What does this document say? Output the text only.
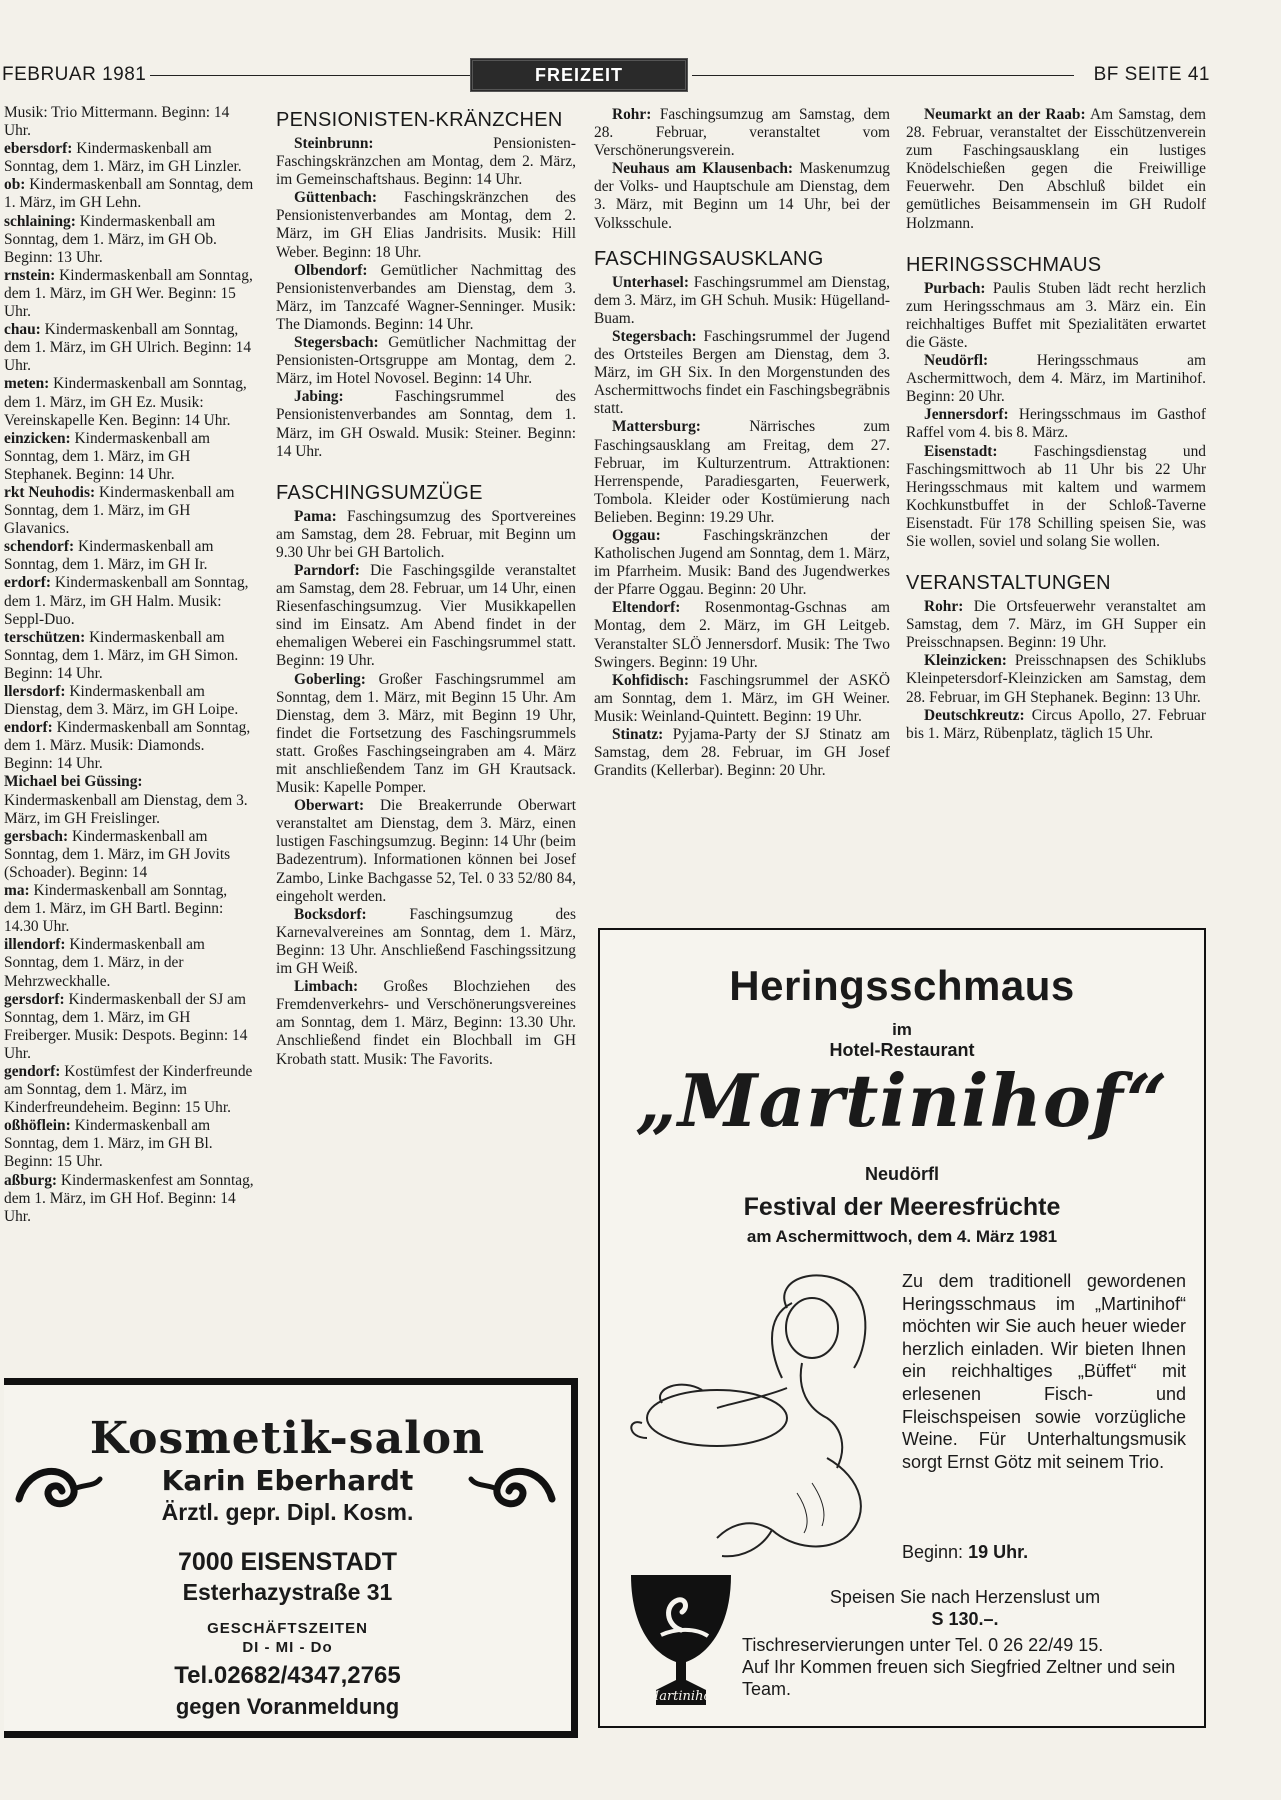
FEBRUAR 1981	FREIZEIT	BF SEITE 41

Musik: Trio Mittermann. Beginn: 14 Uhr.

ebersdorf: Kindermaskenball am Sonntag, dem 1. März, im GH Linzler.

ob: Kindermaskenball am Sonntag, dem 1. März, im GH Lehn.

schlaining: Kindermaskenball am Sonntag, dem 1. März, im GH Ob. Beginn: 13 Uhr.

rnstein: Kindermaskenball am Sonntag, dem 1. März, im GH Wer. Beginn: 15 Uhr.

chau: Kindermaskenball am Sonntag, dem 1. März, im GH Ulrich. Beginn: 14 Uhr.

meten: Kindermaskenball am Sonntag, dem 1. März, im GH Ez. Musik: Vereinskapelle Ken. Beginn: 14 Uhr.

einzicken: Kindermaskenball am Sonntag, dem 1. März, im GH Stephanek. Beginn: 14 Uhr.

rkt Neuhodis: Kindermaskenball am Sonntag, dem 1. März, im GH Glavanics.

schendorf: Kindermaskenball am Sonntag, dem 1. März, im GH Ir.

erdorf: Kindermaskenball am Sonntag, dem 1. März, im GH Halm. Musik: Seppl-Duo.

terschützen: Kindermaskenball am Sonntag, dem 1. März, im GH Simon. Beginn: 14 Uhr.

llersdorf: Kindermaskenball am Dienstag, dem 3. März, im GH Loipe.

endorf: Kindermaskenball am Sonntag, dem 1. März. Musik: Diamonds. Beginn: 14 Uhr.

Michael bei Güssing: Kindermaskenball am Dienstag, dem 3. März, im GH Freislinger.

gersbach: Kindermaskenball am Sonntag, dem 1. März, im GH Jovits (Schoader). Beginn: 14

ma: Kindermaskenball am Sonntag, dem 1. März, im GH Bartl. Beginn: 14.30 Uhr.

illendorf: Kindermaskenball am Sonntag, dem 1. März, in der Mehrzweckhalle.

gersdorf: Kindermaskenball der SJ am Sonntag, dem 1. März, im GH Freiberger. Musik: Despots. Beginn: 14 Uhr.

gendorf: Kostümfest der Kinderfreunde am Sonntag, dem 1. März, im Kinderfreundeheim. Beginn: 15 Uhr.

oßhöflein: Kindermaskenball am Sonntag, dem 1. März, im GH Bl. Beginn: 15 Uhr.

aßburg: Kindermaskenfest am Sonntag, dem 1. März, im GH Hof. Beginn: 14 Uhr.

PENSIONISTEN-KRÄNZCHEN

Steinbrunn:	Pensionisten-Faschingskränzchen am Montag, dem 2. März, im Gemeinschaftshaus. Beginn: 14 Uhr.

Güttenbach: Faschingskränzchen des Pensionistenverbandes am Montag, dem 2. März, im GH Elias Jandrisits. Musik: Hill Weber. Beginn: 18 Uhr.

Olbendorf: Gemütlicher Nachmittag des Pensionistenverbandes am Dienstag, dem 3. März, im Tanzcafé Wagner-Senninger. Musik: The Diamonds. Beginn: 14 Uhr.

Stegersbach: Gemütlicher Nachmittag der Pensionisten-Ortsgruppe am Montag, dem 2. März, im Hotel Novosel. Beginn: 14 Uhr.

Jabing:	Faschingsrummel des Pensionistenverbandes am Sonntag, dem 1. März, im GH Oswald. Musik: Steiner. Beginn: 14 Uhr.

FASCHINGSUMZÜGE

Pama: Faschingsumzug des Sportvereines am Samstag, dem 28. Februar, mit Beginn um 9.30 Uhr bei GH Bartolich.

Parndorf: Die Faschingsgilde veranstaltet am Samstag, dem 28. Februar, um 14 Uhr, einen Riesenfaschingsumzug. Vier Musikkapellen sind im Einsatz. Am Abend findet in der ehemaligen Weberei ein Faschingsrummel statt. Beginn: 19 Uhr.

Goberling: Großer Faschingsrummel am Sonntag, dem 1. März, mit Beginn 15 Uhr. Am Dienstag, dem 3. März, mit Beginn 19 Uhr, findet die Fortsetzung des Faschingsrummels statt. Großes Faschingseingraben am 4. März mit anschließendem Tanz im GH Krautsack. Musik: Kapelle Pomper.

Oberwart: Die Breakerrunde Oberwart veranstaltet am Dienstag, dem 3. März, einen lustigen Faschingsumzug. Beginn: 14 Uhr (beim Badezentrum). Informationen können bei Josef Zambo, Linke Bachgasse 52, Tel. 0 33 52/80 84, eingeholt werden.

Bocksdorf:	Faschingsumzug des Karnevalvereines am Sonntag, dem 1. März, Beginn: 13 Uhr. Anschließend Faschingssitzung im GH Weiß.

Limbach: Großes Blochziehen des Fremdenverkehrs- und Verschönerungsvereines am Sonntag, dem 1. März, Beginn: 13.30 Uhr. Anschließend findet ein Blochball im GH Krobath statt. Musik: The Favorits.

Rohr: Faschingsumzug am Samstag, dem 28. Februar, veranstaltet vom Verschönerungsverein.

Neuhaus am Klausenbach: Maskenumzug der Volks- und Hauptschule am Dienstag, dem 3. März, mit Beginn um 14 Uhr, bei der Volksschule.

FASCHINGSAUSKLANG

Unterhasel: Faschingsrummel am Dienstag, dem 3. März, im GH Schuh. Musik: Hügelland-Buam.

Stegersbach: Faschingsrummel der Jugend des Ortsteiles Bergen am Dienstag, dem 3. März, im GH Six. In den Morgenstunden des Aschermittwochs findet ein Faschingsbegräbnis statt.

Mattersburg:	Närrisches zum Faschingsausklang am Freitag, dem 27. Februar, im Kulturzentrum. Attraktionen: Herrenspende, Paradiesgarten, Feuerwerk, Tombola. Kleider oder Kostümierung nach Belieben. Beginn: 19.29 Uhr.

Oggau:	Faschingskränzchen der Katholischen Jugend am Sonntag, dem 1. März, im Pfarrheim. Musik: Band des Jugendwerkes der Pfarre Oggau. Beginn: 20 Uhr.

Eltendorf: Rosenmontag-Gschnas am Montag, dem 2. März, im GH Leitgeb. Veranstalter SLÖ Jennersdorf. Musik: The Two Swingers. Beginn: 19 Uhr.

Kohfidisch: Faschingsrummel der ASKÖ am Sonntag, dem 1. März, im GH Weiner. Musik: Weinland-Quintett. Beginn: 19 Uhr.

Stinatz: Pyjama-Party der SJ Stinatz am Samstag, dem 28. Februar, im GH Josef Grandits (Kellerbar). Beginn: 20 Uhr.

Neumarkt an der Raab: Am Samstag, dem 28. Februar, veranstaltet der Eisschützenverein zum Faschingsausklang ein lustiges Knödelschießen gegen die Freiwillige Feuerwehr. Den Abschluß bildet ein gemütliches Beisammensein im GH Rudolf Holzmann.

HERINGSSCHMAUS

Purbach: Paulis Stuben lädt recht herzlich zum Heringsschmaus am 3. März ein. Ein reichhaltiges Buffet mit Spezialitäten erwartet die Gäste.

Neudörfl:	Heringsschmaus am Aschermittwoch, dem 4. März, im Martinihof. Beginn: 20 Uhr.

Jennersdorf: Heringsschmaus im Gasthof Raffel vom 4. bis 8. März.

Eisenstadt: Faschingsdienstag und Faschingsmittwoch ab 11 Uhr bis 22 Uhr Heringsschmaus mit kaltem und warmem Kochkunstbuffet in der Schloß-Taverne Eisenstadt. Für 178 Schilling speisen Sie, was Sie wollen, soviel und solang Sie wollen.

VERANSTALTUNGEN

Rohr: Die Ortsfeuerwehr veranstaltet am Samstag, dem 7. März, im GH Supper ein Preisschnapsen. Beginn: 19 Uhr.

Kleinzicken: Preisschnapsen des Schiklubs Kleinpetersdorf-Kleinzicken am Samstag, dem 28. Februar, im GH Stephanek. Beginn: 13 Uhr.

Deutschkreutz: Circus Apollo, 27. Februar bis 1. März, Rübenplatz, täglich 15 Uhr.

Kosmetik-salon
Karin Eberhardt
Ärztl. gepr. Dipl. Kosm.
7000 EISENSTADT
Esterhazystraße 31
GESCHÄFTSZEITEN
DI - MI - Do
Tel.02682/4347,2765
gegen Voranmeldung
Heringsschmaus
im
Hotel-Restaurant
„Martinihof“
Neudörfl
Festival der Meeresfrüchte
am Aschermittwoch, dem 4. März 1981
Zu dem traditionell gewordenen Heringsschmaus im „Martinihof“ möchten wir Sie auch heuer wieder herzlich einladen. Wir bieten Ihnen ein reichhaltiges „Büffet“ mit erlesenen Fisch- und Fleischspeisen sowie vorzügliche Weine. Für Unterhaltungsmusik sorgt Ernst Götz mit seinem Trio.
Beginn: 19 Uhr.
Martinihof
Speisen Sie nach Herzenslust um
S 130.–.
Tischreservierungen unter Tel. 0 26 22/49 15.
Auf Ihr Kommen freuen sich Siegfried Zeltner und sein Team.
